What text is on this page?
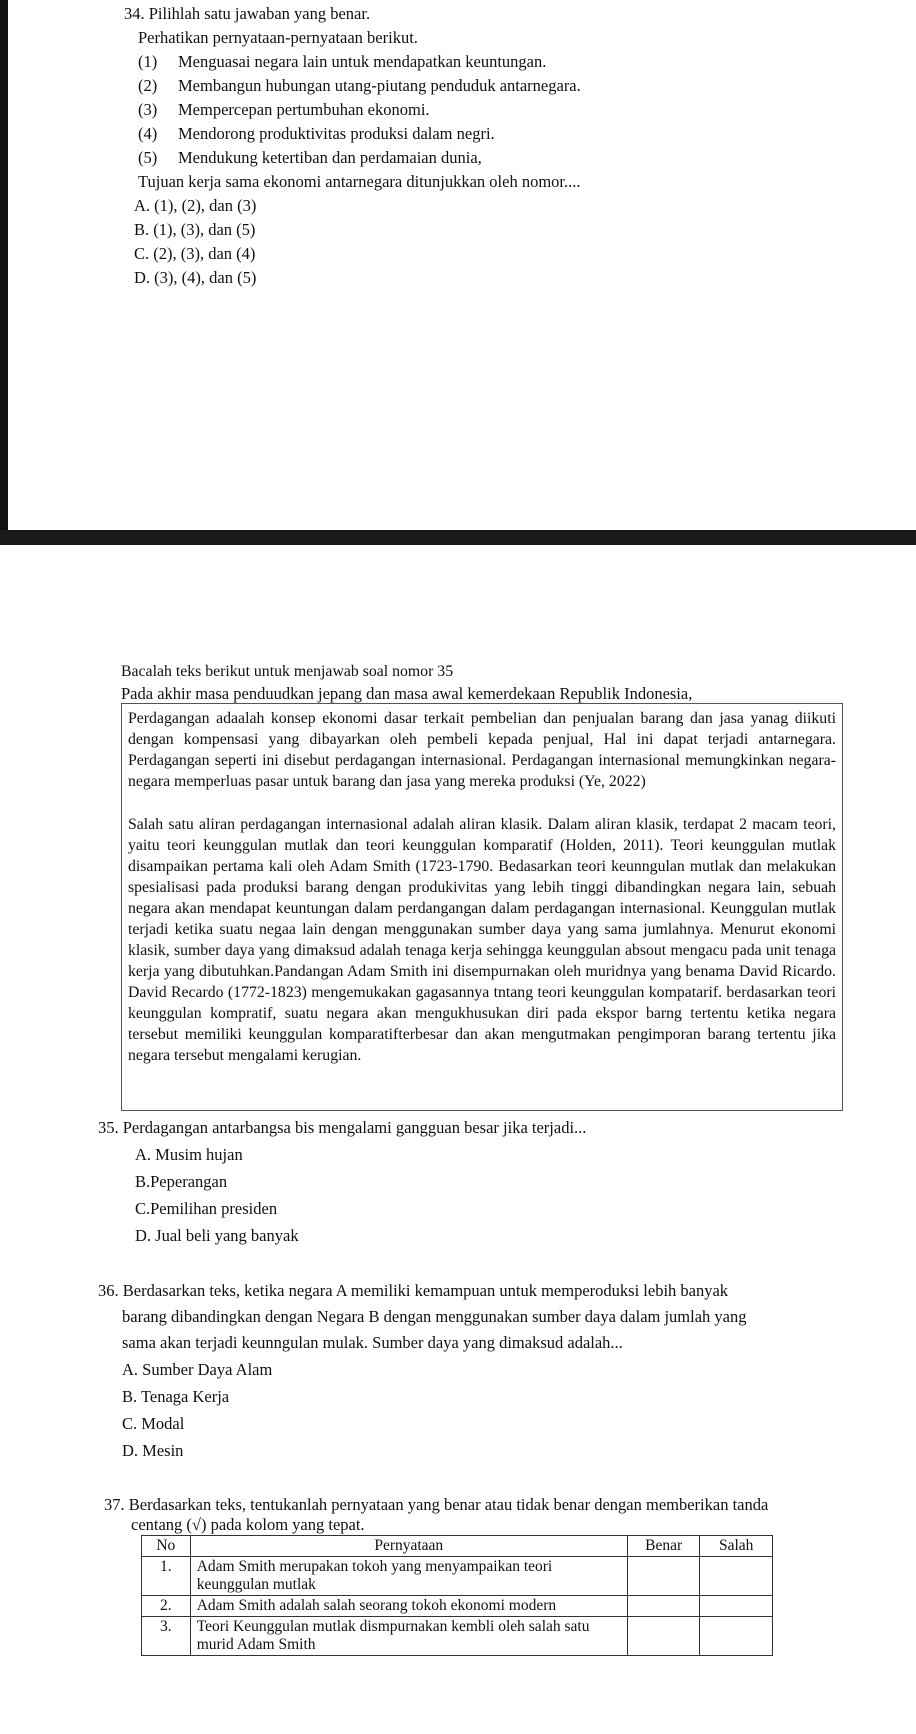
34. Pilihlah satu jawaban yang benar.
Perhatikan pernyataan-pernyataan berikut.
(1)	Menguasai negara lain untuk mendapatkan keuntungan.
(2)	Membangun hubungan utang-piutang penduduk antarnegara.
(3)	Mempercepan pertumbuhan ekonomi.
(4)	Mendorong produktivitas produksi dalam negri.
(5)	Mendukung ketertiban dan perdamaian dunia,
Tujuan kerja sama ekonomi antarnegara ditunjukkan oleh nomor....
A. (1), (2), dan (3)
B. (1), (3), dan (5)
C. (2), (3), dan (4)
D. (3), (4), dan (5)
Bacalah teks berikut untuk menjawab soal nomor 35
Pada akhir masa penduudkan jepang dan masa awal kemerdekaan Republik Indonesia,
Perdagangan adaalah konsep ekonomi dasar terkait pembelian dan penjualan barang dan jasa yanag diikuti dengan kompensasi yang dibayarkan oleh pembeli kepada penjual, Hal ini dapat terjadi antarnegara. Perdagangan seperti ini disebut perdagangan internasional. Perdagangan internasional memungkinkan negara-negara memperluas pasar untuk barang dan jasa yang mereka produksi (Ye, 2022)
Salah satu aliran perdagangan internasional adalah aliran klasik. Dalam aliran klasik, terdapat 2 macam teori, yaitu teori keunggulan mutlak dan teori keunggulan komparatif (Holden, 2011). Teori keunggulan mutlak disampaikan pertama kali oleh Adam Smith (1723-1790. Bedasarkan teori keunngulan mutlak dan melakukan spesialisasi pada produksi barang dengan produkivitas yang lebih tinggi dibandingkan negara lain, sebuah negara akan mendapat keuntungan dalam perdangangan dalam perdagangan internasional. Keunggulan mutlak terjadi ketika suatu negaa lain dengan menggunakan sumber daya yang sama jumlahnya. Menurut ekonomi klasik, sumber daya yang dimaksud adalah tenaga kerja sehingga keunggulan absout mengacu pada unit tenaga kerja yang dibutuhkan.Pandangan Adam Smith ini disempurnakan oleh muridnya yang benama David Ricardo. David Recardo (1772-1823) mengemukakan gagasannya tntang teori keunggulan kompatarif. berdasarkan teori keunggulan kompratif, suatu negara akan mengukhusukan diri pada ekspor barng tertentu ketika negara tersebut memiliki keunggulan komparatifterbesar dan akan mengutmakan pengimporan barang tertentu jika negara tersebut mengalami kerugian.
35. Perdagangan antarbangsa bis mengalami gangguan besar jika terjadi...
A. Musim hujan
B.Peperangan
C.Pemilihan presiden
D. Jual beli yang banyak
36. Berdasarkan teks, ketika negara A memiliki kemampuan untuk memperoduksi lebih banyak
barang dibandingkan dengan Negara B dengan menggunakan sumber daya dalam jumlah yang
sama akan terjadi keunngulan mulak. Sumber daya yang dimaksud adalah...
A. Sumber Daya Alam
B. Tenaga Kerja
C. Modal
D. Mesin
37. Berdasarkan teks, tentukanlah pernyataan yang benar atau tidak benar dengan memberikan tanda
centang (√) pada kolom yang tepat.
No	Pernyataan	Benar	Salah
1.	Adam Smith merupakan tokoh yang menyampaikan teori keunggulan mutlak		
2.	Adam Smith adalah salah seorang tokoh ekonomi modern		
3.	Teori Keunggulan mutlak dismpurnakan kembli oleh salah satu murid Adam Smith		
